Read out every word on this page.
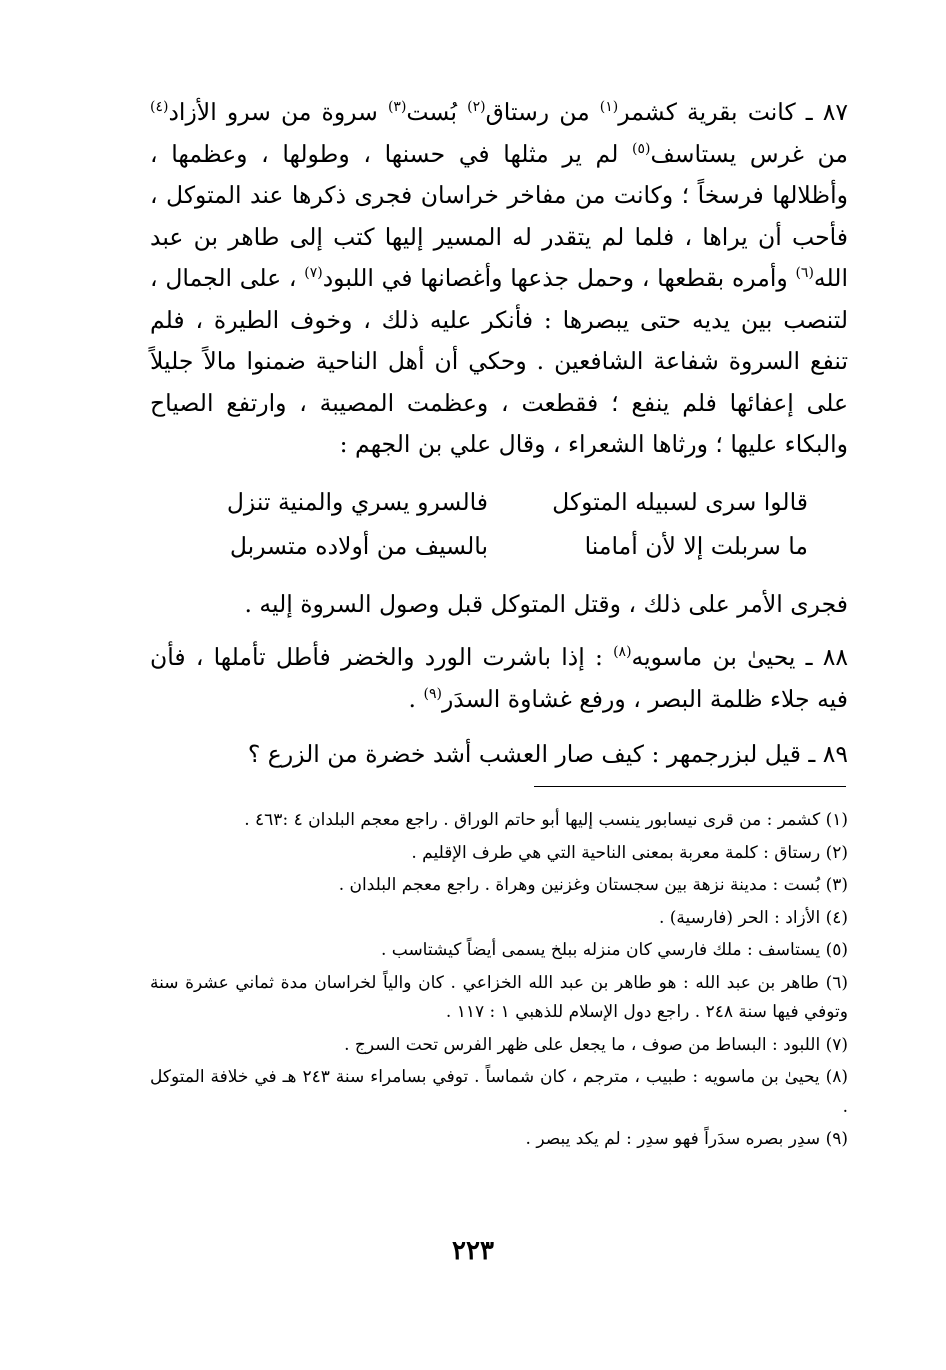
٨٧ ـ كانت بقرية كشمر$^{(١)}$ من رستاق$^{(٢)}$ بُست$^{(٣)}$ سروة من سرو الأزاد$^{(٤)}$ من غرس يستاسف$^{(٥)}$ لم ير مثلها في حسنها ، وطولها ، وعظمها ، وأظلالها فرسخاً ؛ وكانت من مفاخر خراسان فجرى ذكرها عند المتوكل ، فأحب أن يراها ، فلما لم يتقدر له المسير إليها كتب إلى طاهر بن عبد الله$^{(٦)}$ وأمره بقطعها ، وحمل جذعها وأغصانها في اللبود$^{(٧)}$ ، على الجمال ، لتنصب بين يديه حتى يبصرها : فأنكر عليه ذلك ، وخوف الطيرة ، فلم تنفع السروة شفاعة الشافعين . وحكي أن أهل الناحية ضمنوا مالاً جليلاً على إعفائها فلم ينفع ؛ فقطعت ، وعظمت المصيبة ، وارتفع الصياح والبكاء عليها ؛ ورثاها الشعراء ، وقال علي بن الجهم :

قالوا سرى لسبيله المتوكل
فالسرو يسري والمنية تنزل
ما سربلت إلا لأن أمامنا
بالسيف من أولاده متسربل

فجرى الأمر على ذلك ، وقتل المتوكل قبل وصول السروة إليه .

٨٨ ـ يحيىٰ بن ماسويه$^{(٨)}$ : إذا باشرت الورد والخضر فأطل تأملها ، فأن فيه جلاء ظلمة البصر ، ورفع غشاوة السدَر$^{(٩)}$ .

٨٩ ـ قيل لبزرجمهر : كيف صار العشب أشد خضرة من الزرع ؟

(١) كشمر : من قرى نيسابور ينسب إليها أبو حاتم الوراق . راجع معجم البلدان ٤ :٤٦٣ .

(٢) رستاق : كلمة معربة بمعنى الناحية التي هي طرف الإقليم .

(٣) بُست : مدينة نزهة بين سجستان وغزنين وهراة . راجع معجم البلدان .

(٤) الأزاد : الحر (فارسية) .

(٥) يستاسف : ملك فارسي كان منزله ببلخ يسمى أيضاً كيشتاسب .

(٦) طاهر بن عبد الله : هو طاهر بن عبد الله الخزاعي . كان والياً لخراسان مدة ثماني عشرة سنة وتوفي فيها سنة ٢٤٨ . راجع دول الإسلام للذهبي ١ : ١١٧ .

(٧) اللبود : البساط من صوف ، ما يجعل على ظهر الفرس تحت السرج .

(٨) يحيىٰ بن ماسويه : طبيب ، مترجم ، كان شماساً . توفي بسامراء سنة ٢٤٣ هـ في خلافة المتوكل .

(٩) سدِر بصره سدَراً فهو سدِر : لم يكد يبصر .

٢٢٣
